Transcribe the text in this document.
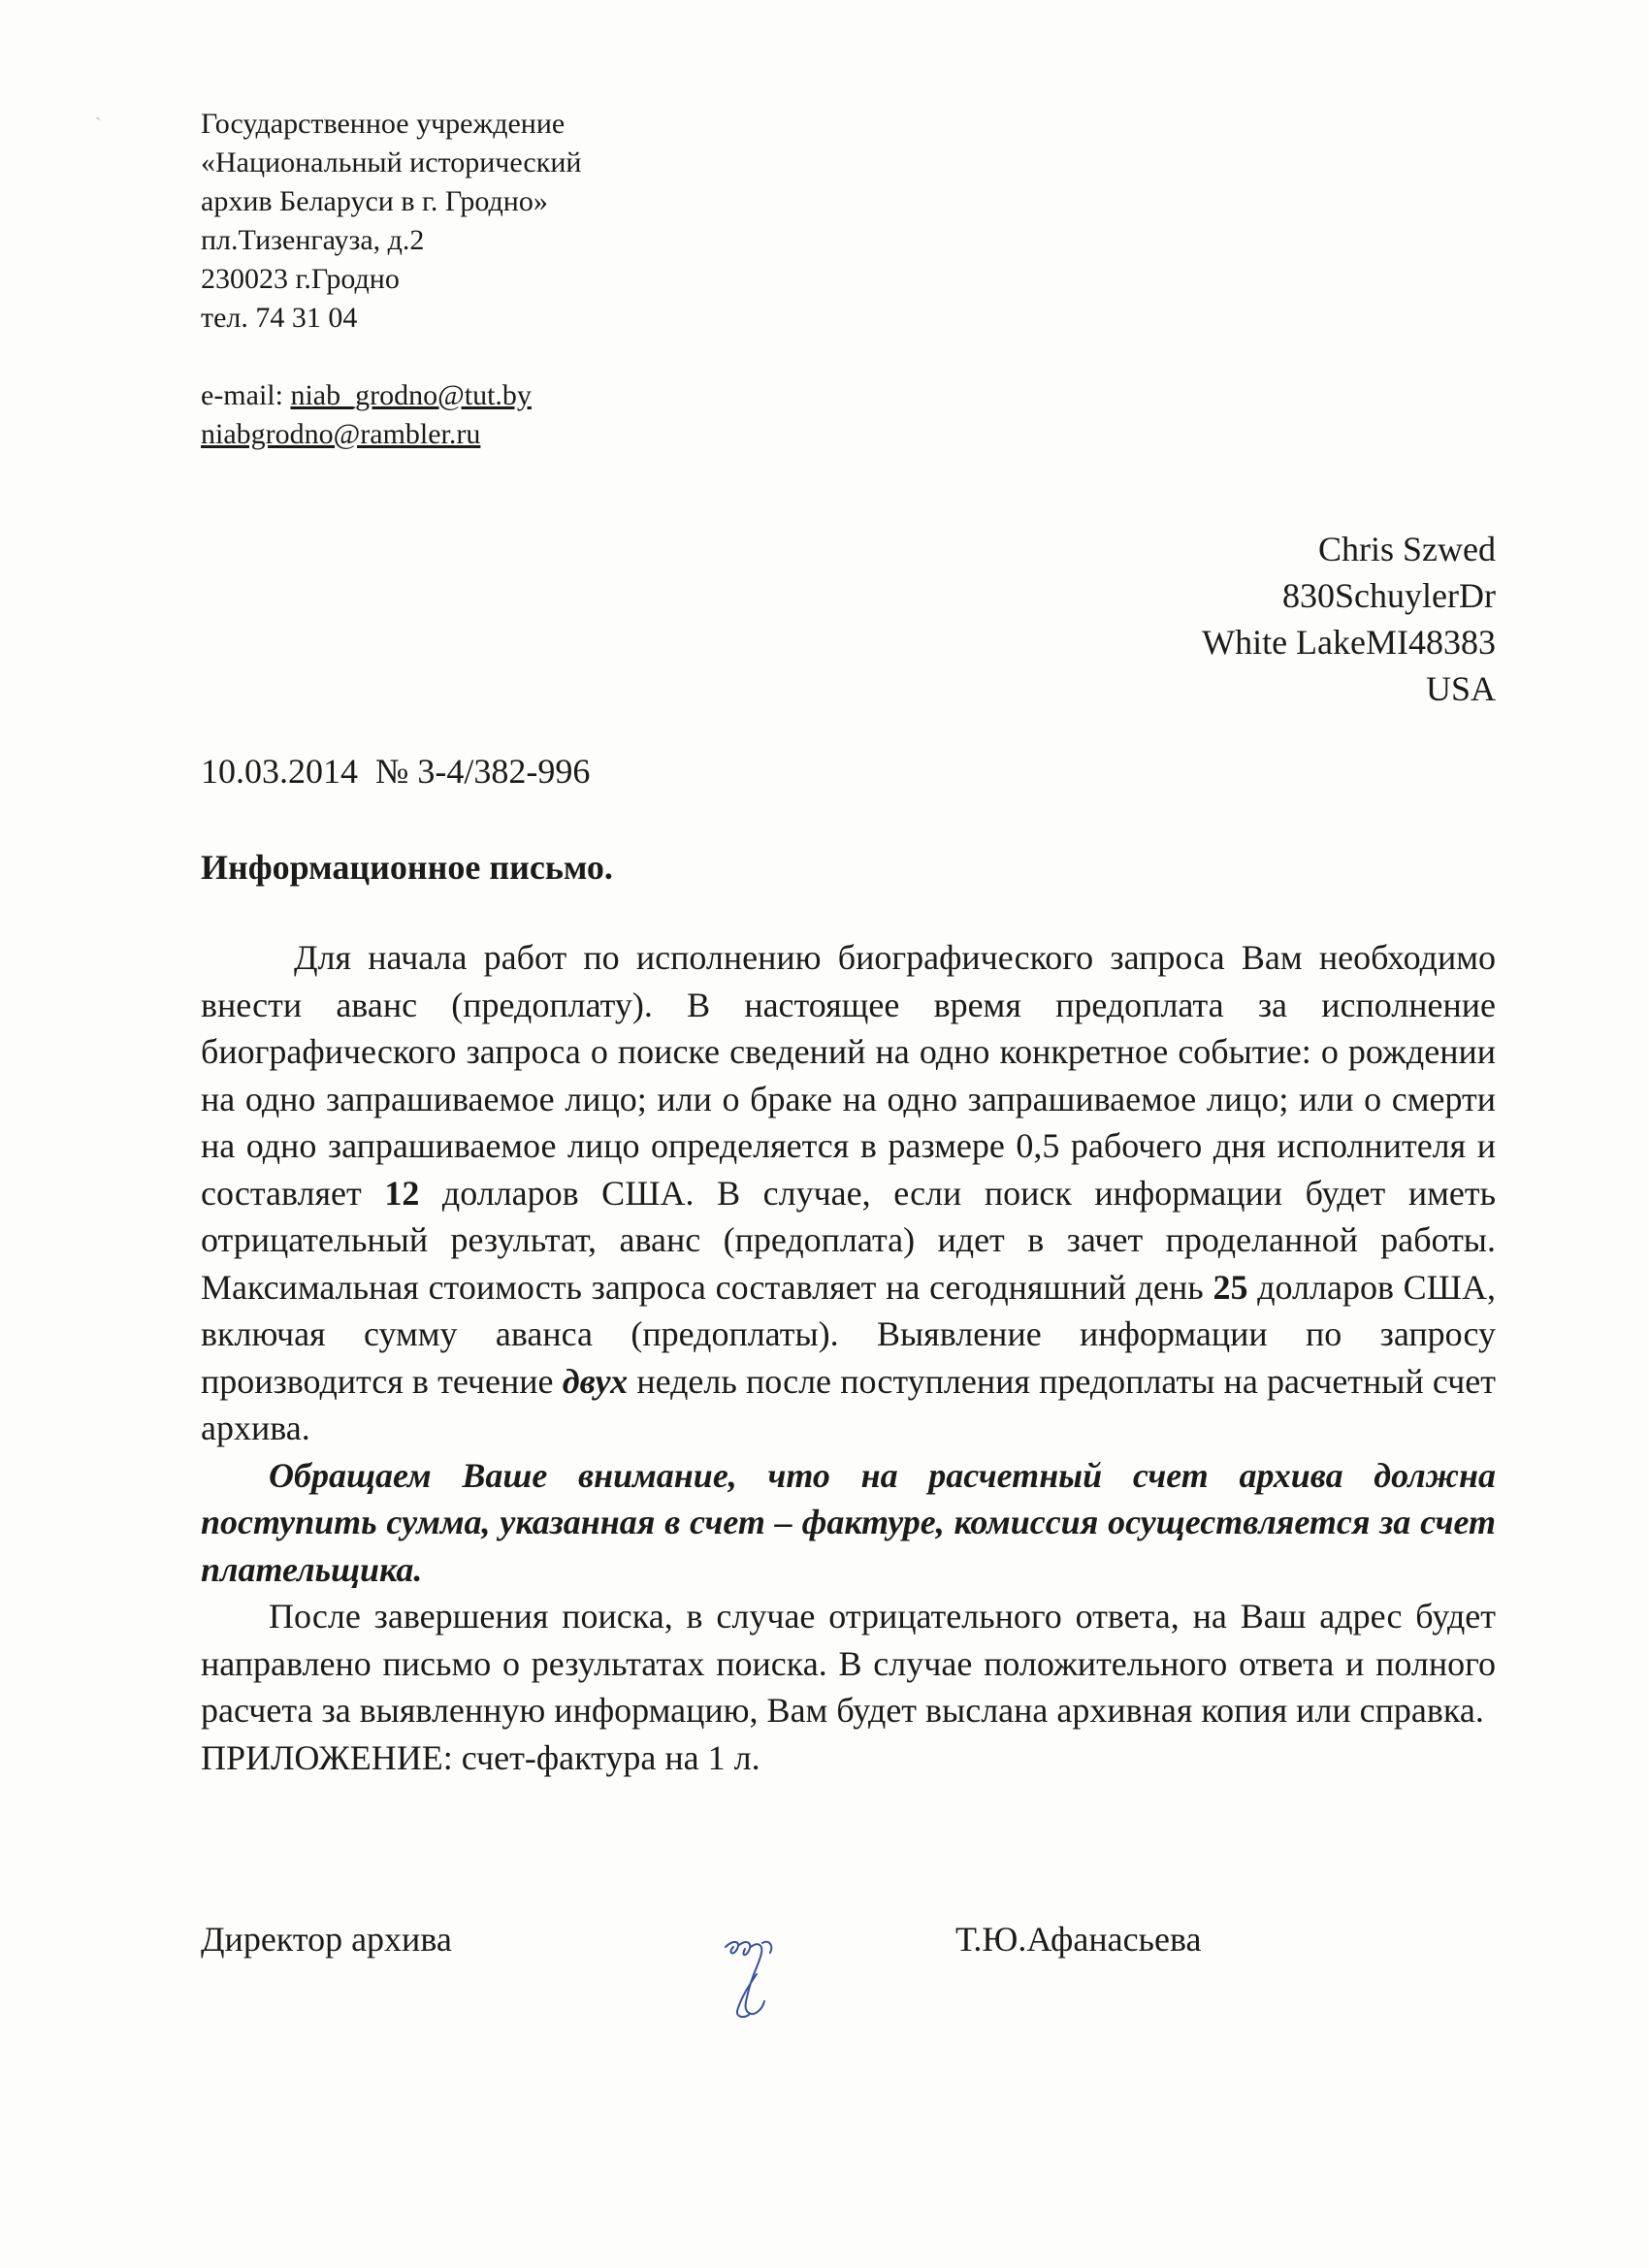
`	Государственное учреждение
«Национальный исторический
архив Беларуси в г. Гродно»
пл.Тизенгауза, д.2
230023 г.Гродно
тел. 74 31 04
e-mail: niab_grodno@tut.by
niabgrodno@rambler.ru
Chris Szwed
830SchuylerDr
White LakeMI48383
USA
10.03.2014 № 3-4/382-996
Информационное письмо.

Для начала работ по исполнению биографического запроса Вам необходимо внести аванс (предоплату). В настоящее время предоплата за исполнение биографического запроса о поиске сведений на одно конкретное событие: о рождении на одно запрашиваемое лицо; или о браке на одно запрашиваемое лицо; или о смерти на одно запрашиваемое лицо определяется в размере 0,5 рабочего дня исполнителя и составляет 12 долларов США. В случае, если поиск информации будет иметь отрицательный результат, аванс (предоплата) идет в зачет проделанной работы. Максимальная стоимость запроса составляет на сегодняшний день 25 долларов США, включая сумму аванса (предоплаты). Выявление информации по запросу производится в течение двух недель после поступления предоплаты на расчетный счет архива.

Обращаем Ваше внимание, что на расчетный счет архива должна поступить сумма, указанная в счет – фактуре, комиссия осуществляется за счет плательщика.

После завершения поиска, в случае отрицательного ответа, на Ваш адрес будет направлено письмо о результатах поиска. В случае положительного ответа и полного расчета за выявленную информацию, Вам будет выслана архивная копия или справка.

ПРИЛОЖЕНИЕ: счет-фактура на 1 л.

Директор архива	Т.Ю.Афанасьева
